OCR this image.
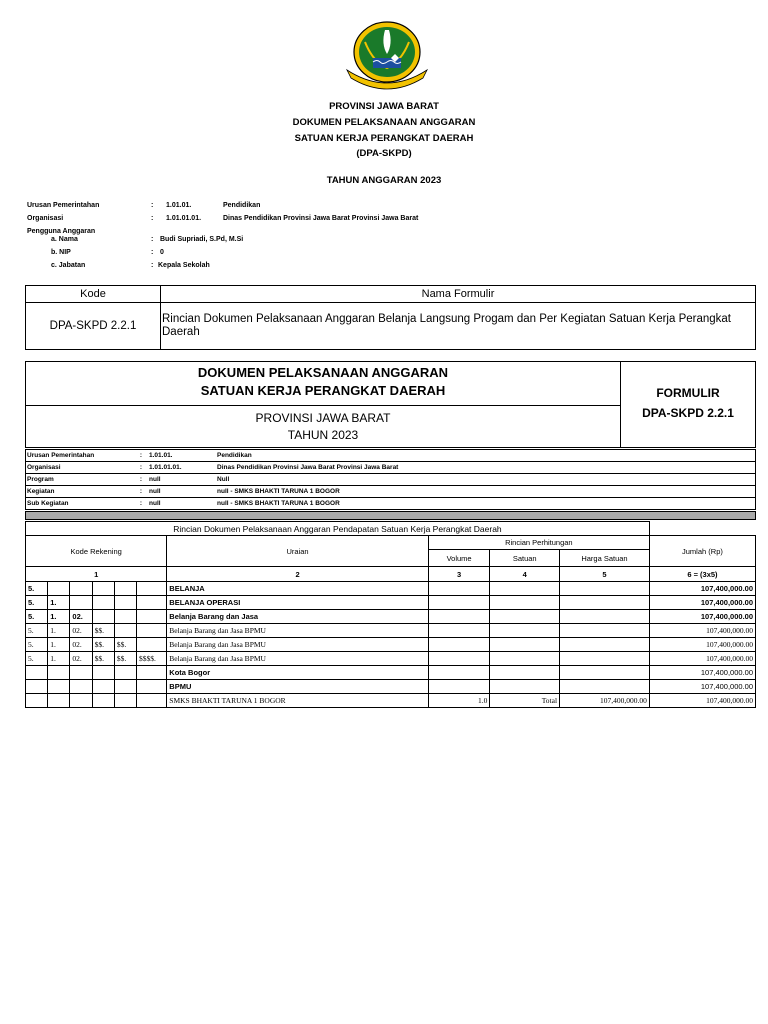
PROVINSI JAWA BARAT
DOKUMEN PELAKSANAAN ANGGARAN
SATUAN KERJA PERANGKAT DAERAH
(DPA-SKPD)
TAHUN ANGGARAN 2023
Urusan Pemerintahan	: 1.01.01.	Pendidikan
Organisasi	: 1.01.01.01.	Dinas Pendidikan Provinsi Jawa Barat Provinsi Jawa Barat
Pengguna Anggaran
a. Nama	: Budi Supriadi, S.Pd, M.Si
b. NIP	: 0
c. Jabatan	: Kepala Sekolah
Kode	Nama Formulir
DPA-SKPD 2.2.1	Rincian Dokumen Pelaksanaan Anggaran Belanja Langsung Progam dan Per Kegiatan Satuan Kerja Perangkat Daerah
DOKUMEN PELAKSANAAN ANGGARAN
SATUAN KERJA PERANGKAT DAERAH
PROVINSI JAWA BARAT
TAHUN 2023
FORMULIR
DPA-SKPD 2.2.1
Urusan Pemerintahan	:	1.01.01.	Pendidikan
Organisasi	:	1.01.01.01.	Dinas Pendidikan Provinsi Jawa Barat Provinsi Jawa Barat
Program	:	null	Null
Kegiatan	:	null	null - SMKS BHAKTI TARUNA 1 BOGOR
Sub Kegiatan	:	null	null - SMKS BHAKTI TARUNA 1 BOGOR
Rincian Dokumen Pelaksanaan Anggaran Pendapatan Satuan Kerja Perangkat Daerah										
Kode Rekening						Uraian	Rincian Perhitungan			Jumlah (Rp)
							Volume	Satuan	Harga Satuan	
1						2	3	4	5	6 = (3x5)
5.						BELANJA				107,400,000.00
5.	1.					BELANJA OPERASI				107,400,000.00
5.	1.	02.				Belanja Barang dan Jasa				107,400,000.00
5.	1.	02.	$$.			Belanja Barang dan Jasa BPMU				107,400,000.00
5.	1.	02.	$$.	$$.		Belanja Barang dan Jasa BPMU				107,400,000.00
5.	1.	02.	$$.	$$.	$$$$.	Belanja Barang dan Jasa BPMU				107,400,000.00
						Kota Bogor				107,400,000.00
						BPMU				107,400,000.00
						SMKS BHAKTI TARUNA 1 BOGOR	1.0	Total	107,400,000.00	107,400,000.00
